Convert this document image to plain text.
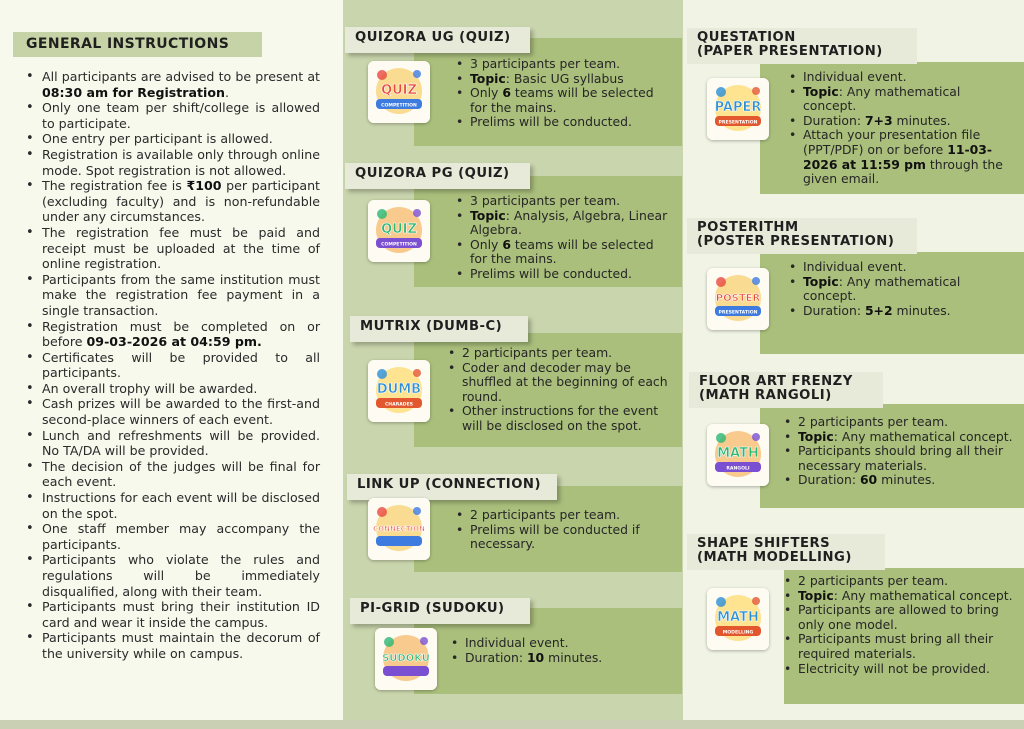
GENERAL INSTRUCTIONS
• All participants are advised to be present at 08:30 am for Registration.
• Only one team per shift/college is allowed to participate.
• One entry per participant is allowed.
• Registration is available only through online mode. Spot registration is not allowed.
• The registration fee is ₹100 per participant (excluding faculty) and is non-refundable under any circumstances.
• The registration fee must be paid and receipt must be uploaded at the time of online registration.
• Participants from the same institution must make the registration fee payment in a single transaction.
• Registration must be completed on or before 09-03-2026 at 04:59 pm.
• Certificates will be provided to all participants.
• An overall trophy will be awarded.
• Cash prizes will be awarded to the first-and second-place winners of each event.
• Lunch and refreshments will be provided. No TA/DA will be provided.
• The decision of the judges will be final for each event.
• Instructions for each event will be disclosed on the spot.
• One staff member may accompany the participants.
• Participants who violate the rules and regulations will be immediately disqualified, along with their team.
• Participants must bring their institution ID card and wear it inside the campus.
• Participants must maintain the decorum of the university while on campus.
QUIZORA UG (QUIZ)
QUIZ
COMPETITION
• 3 participants per team.
• Topic: Basic UG syllabus
• Only 6 teams will be selected for the mains.
• Prelims will be conducted.
QUIZORA PG (QUIZ)
QUIZ
COMPETITION
• 3 participants per team.
• Topic: Analysis, Algebra, Linear Algebra.
• Only 6 teams will be selected for the mains.
• Prelims will be conducted.
MUTRIX (DUMB-C)
DUMB
CHARADES
• 2 participants per team.
• Coder and decoder may be shuffled at the beginning of each round.
• Other instructions for the event will be disclosed on the spot.
LINK UP (CONNECTION)
CONNECTION
• 2 participants per team.
• Prelims will be conducted if necessary.
PI-GRID (SUDOKU)
SUDOKU
• Individual event.
• Duration: 10 minutes.
QUESTATION
(PAPER PRESENTATION)
PAPER
PRESENTATION
• Individual event.
• Topic: Any mathematical concept.
• Duration: 7+3 minutes.
• Attach your presentation file (PPT/PDF) on or before 11-03-2026 at 11:59 pm through the given email.
POSTERITHM
(POSTER PRESENTATION)
POSTER
PRESENTATION
• Individual event.
• Topic: Any mathematical concept.
• Duration: 5+2 minutes.
FLOOR ART FRENZY
(MATH RANGOLI)
MATH
RANGOLI
• 2 participants per team.
• Topic: Any mathematical concept.
• Participants should bring all their necessary materials.
• Duration: 60 minutes.
SHAPE SHIFTERS
(MATH MODELLING)
MATH
MODELLING
• 2 participants per team.
• Topic: Any mathematical concept.
• Participants are allowed to bring only one model.
• Participants must bring all their required materials.
• Electricity will not be provided.
